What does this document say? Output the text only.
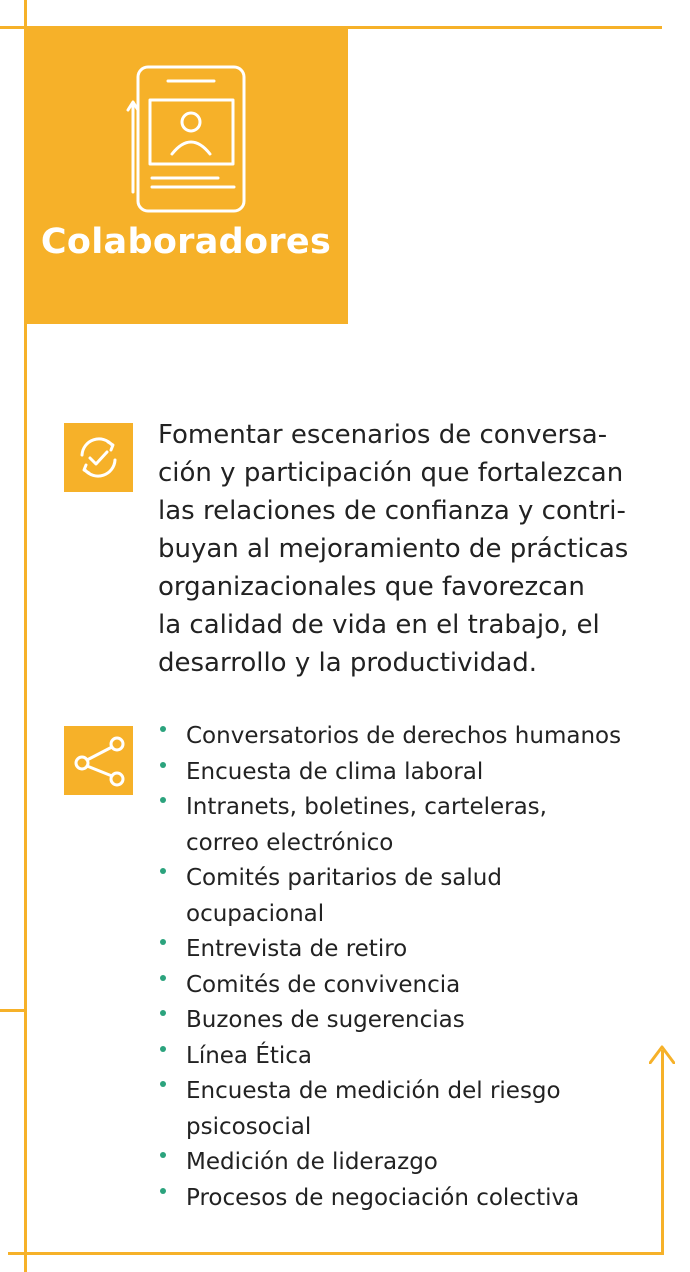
Colaboradores

Fomentar escenarios de conversa-
ción y participación que fortalezcan
las relaciones de confianza y contri-
buyan al mejoramiento de prácticas
organizacionales que favorezcan
la calidad de vida en el trabajo, el
desarrollo y la productividad.

Conversatorios de derechos humanos
Encuesta de clima laboral
Intranets, boletines, carteleras,
correo electrónico
Comités paritarios de salud
ocupacional
Entrevista de retiro
Comités de convivencia
Buzones de sugerencias
Línea Ética
Encuesta de medición del riesgo
psicosocial
Medición de liderazgo
Procesos de negociación colectiva
